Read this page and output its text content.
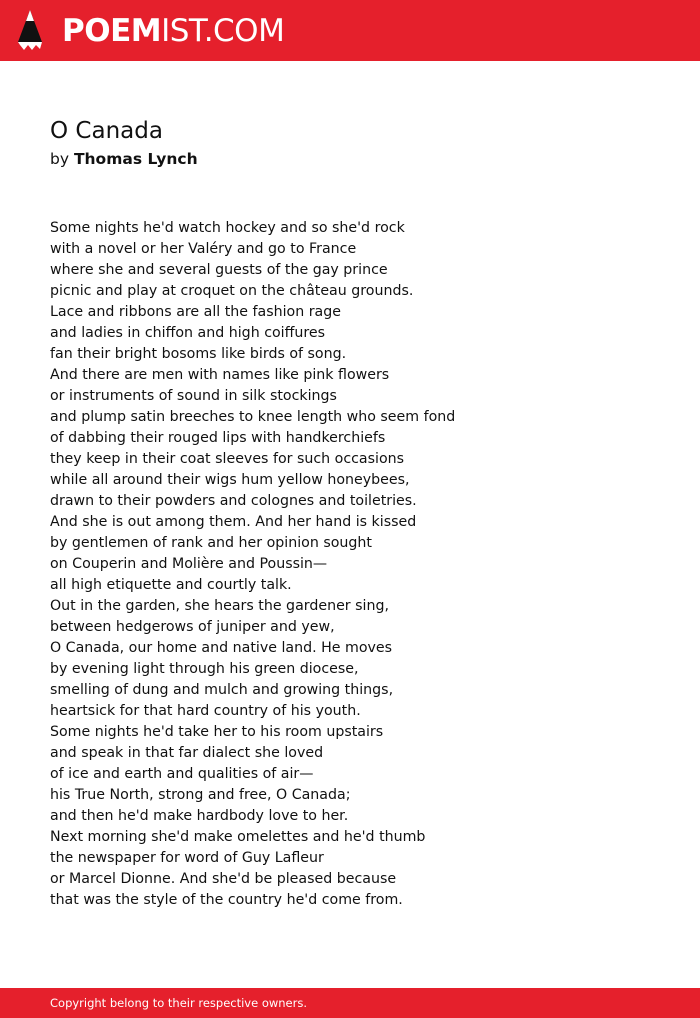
POEMIST.COM
O Canada
by Thomas Lynch
Some nights he'd watch hockey and so she'd rock
with a novel or her Valéry and go to France
where she and several guests of the gay prince
picnic and play at croquet on the château grounds.
Lace and ribbons are all the fashion rage
and ladies in chiffon and high coiffures
fan their bright bosoms like birds of song.
And there are men with names like pink flowers
or instruments of sound in silk stockings
and plump satin breeches to knee length who seem fond
of dabbing their rouged lips with handkerchiefs
they keep in their coat sleeves for such occasions
while all around their wigs hum yellow honeybees,
drawn to their powders and colognes and toiletries.
And she is out among them. And her hand is kissed
by gentlemen of rank and her opinion sought
on Couperin and Molière and Poussin—
all high etiquette and courtly talk.
Out in the garden, she hears the gardener sing,
between hedgerows of juniper and yew,
O Canada, our home and native land. He moves
by evening light through his green diocese,
smelling of dung and mulch and growing things,
heartsick for that hard country of his youth.
Some nights he'd take her to his room upstairs
and speak in that far dialect she loved
of ice and earth and qualities of air—
his True North, strong and free, O Canada;
and then he'd make hardbody love to her.
Next morning she'd make omelettes and he'd thumb
the newspaper for word of Guy Lafleur
or Marcel Dionne. And she'd be pleased because
that was the style of the country he'd come from.
Copyright belong to their respective owners.
